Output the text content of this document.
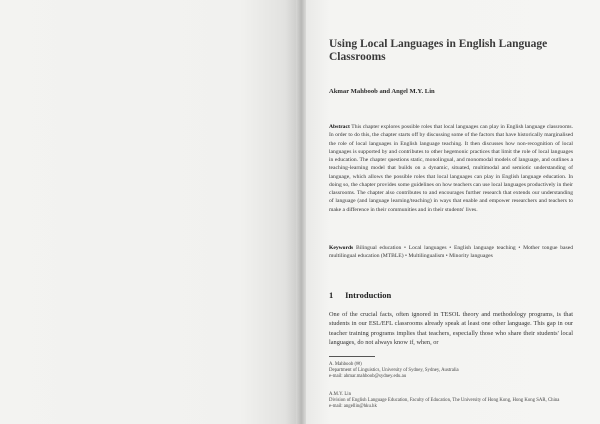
Using Local Languages in English Language Classrooms
Akmar Mahboob and Angel M.Y. Lin
Abstract This chapter explores possible roles that local languages can play in English language classrooms. In order to do this, the chapter starts off by discussing some of the factors that have historically marginalised the role of local languages in English language teaching. It then discusses how non-recognition of local languages is supported by and contributes to other hegemonic practices that limit the role of local languages in education. The chapter questions static, monolingual, and monomodal models of language, and outlines a teaching-learning model that builds on a dynamic, situated, multimodal and semiotic understanding of language, which allows the possible roles that local languages can play in English language education. In doing so, the chapter provides some guidelines on how teachers can use local languages productively in their classrooms. The chapter also contributes to and encourages further research that extends our understanding of language (and language learning/teaching) in ways that enable and empower researchers and teachers to make a difference in their communities and in their students' lives.
Keywords Bilingual education • Local languages • English language teaching • Mother tongue based multilingual education (MTBLE) • Multilingualism • Minority languages
1 Introduction
One of the crucial facts, often ignored in TESOL theory and methodology programs, is that students in our ESL/EFL classrooms already speak at least one other language. This gap in our teacher training programs implies that teachers, especially those who share their students' local languages, do not always know if, when, or
A. Mahboob (✉)
Department of Linguistics, University of Sydney, Sydney, Australia
e-mail: ahmar.mahboob@sydney.edu.au
A.M.Y. Lin
Division of English Language Education, Faculty of Education, The University of Hong Kong, Hong Kong SAR, China
e-mail: angellin@hku.hk
